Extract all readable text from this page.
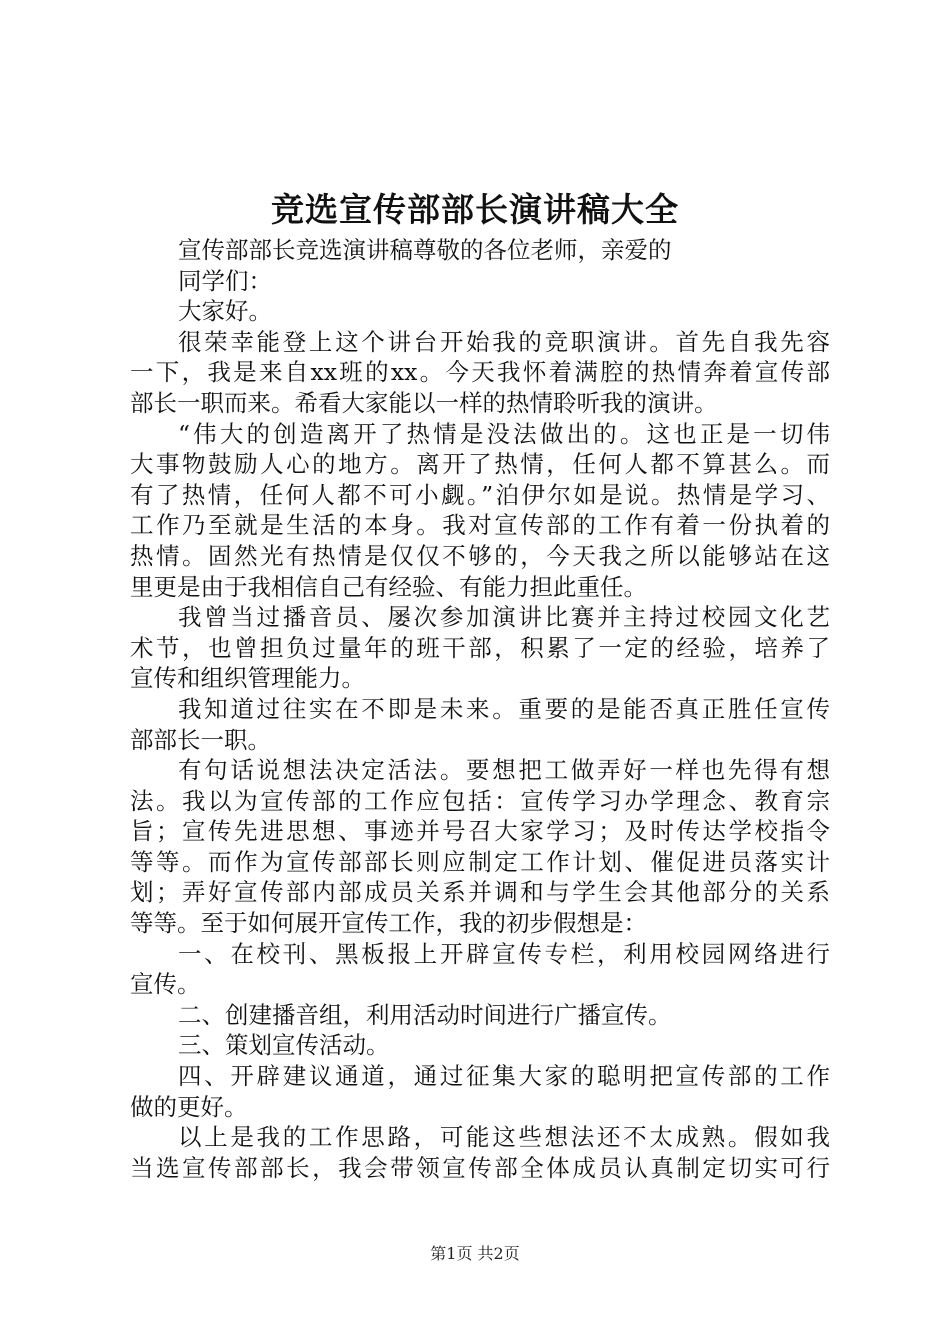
竞选宣传部部长演讲稿大全
宣传部部长竞选演讲稿尊敬的各位老师，亲爱的
同学们：
大家好。
很荣幸能登上这个讲台开始我的竞职演讲。首先自我先容
一下，我是来自xx班的xx。今天我怀着满腔的热情奔着宣传部
部长一职而来。希看大家能以一样的热情聆听我的演讲。
“伟大的创造离开了热情是没法做出的。这也正是一切伟
大事物鼓励人心的地方。离开了热情，任何人都不算甚么。而
有了热情，任何人都不可小觑。”泊伊尔如是说。热情是学习、
工作乃至就是生活的本身。我对宣传部的工作有着一份执着的
热情。固然光有热情是仅仅不够的，今天我之所以能够站在这
里更是由于我相信自己有经验、有能力担此重任。
我曾当过播音员、屡次参加演讲比赛并主持过校园文化艺
术节，也曾担负过量年的班干部，积累了一定的经验，培养了
宣传和组织管理能力。
我知道过往实在不即是未来。重要的是能否真正胜任宣传
部部长一职。
有句话说想法决定活法。要想把工做弄好一样也先得有想
法。我以为宣传部的工作应包括：宣传学习办学理念、教育宗
旨；宣传先进思想、事迹并号召大家学习；及时传达学校指令
等等。而作为宣传部部长则应制定工作计划、催促进员落实计
划；弄好宣传部内部成员关系并调和与学生会其他部分的关系
等等。至于如何展开宣传工作，我的初步假想是：
一、在校刊、黑板报上开辟宣传专栏，利用校园网络进行
宣传。
二、创建播音组，利用活动时间进行广播宣传。
三、策划宣传活动。
四、开辟建议通道，通过征集大家的聪明把宣传部的工作
做的更好。
以上是我的工作思路，可能这些想法还不太成熟。假如我
当选宣传部部长，我会带领宣传部全体成员认真制定切实可行
第1页 共2页
